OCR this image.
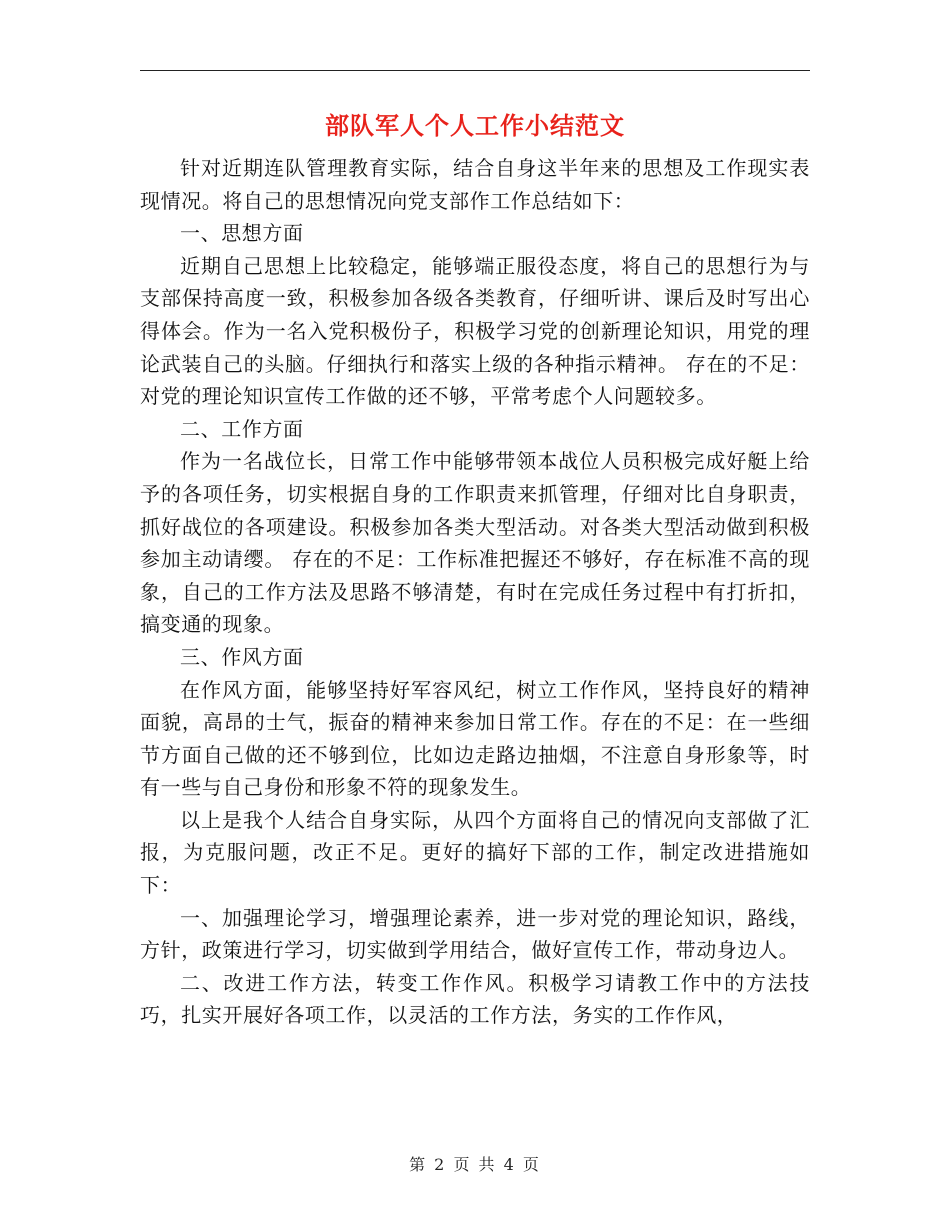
部队军人个人工作小结范文

针对近期连队管理教育实际，结合自身这半年来的思想及工作现实表现情况。将自己的思想情况向党支部作工作总结如下：

一、思想方面

近期自己思想上比较稳定，能够端正服役态度，将自己的思想行为与支部保持高度一致，积极参加各级各类教育，仔细听讲、课后及时写出心得体会。作为一名入党积极份子，积极学习党的创新理论知识，用党的理论武装自己的头脑。仔细执行和落实上级的各种指示精神。 存在的不足：对党的理论知识宣传工作做的还不够，平常考虑个人问题较多。

二、工作方面

作为一名战位长，日常工作中能够带领本战位人员积极完成好艇上给予的各项任务，切实根据自身的工作职责来抓管理，仔细对比自身职责，抓好战位的各项建设。积极参加各类大型活动。对各类大型活动做到积极参加主动请缨。 存在的不足：工作标准把握还不够好，存在标准不高的现象，自己的工作方法及思路不够清楚，有时在完成任务过程中有打折扣，搞变通的现象。

三、作风方面

在作风方面，能够坚持好军容风纪，树立工作作风，坚持良好的精神面貌，高昂的士气，振奋的精神来参加日常工作。存在的不足：在一些细节方面自己做的还不够到位，比如边走路边抽烟，不注意自身形象等，时有一些与自己身份和形象不符的现象发生。

以上是我个人结合自身实际，从四个方面将自己的情况向支部做了汇报，为克服问题，改正不足。更好的搞好下部的工作，制定改进措施如下：

一、加强理论学习，增强理论素养，进一步对党的理论知识，路线，方针，政策进行学习，切实做到学用结合，做好宣传工作，带动身边人。

二、改进工作方法，转变工作作风。积极学习请教工作中的方法技巧，扎实开展好各项工作，以灵活的工作方法，务实的工作作风，

第 2 页 共 4 页
